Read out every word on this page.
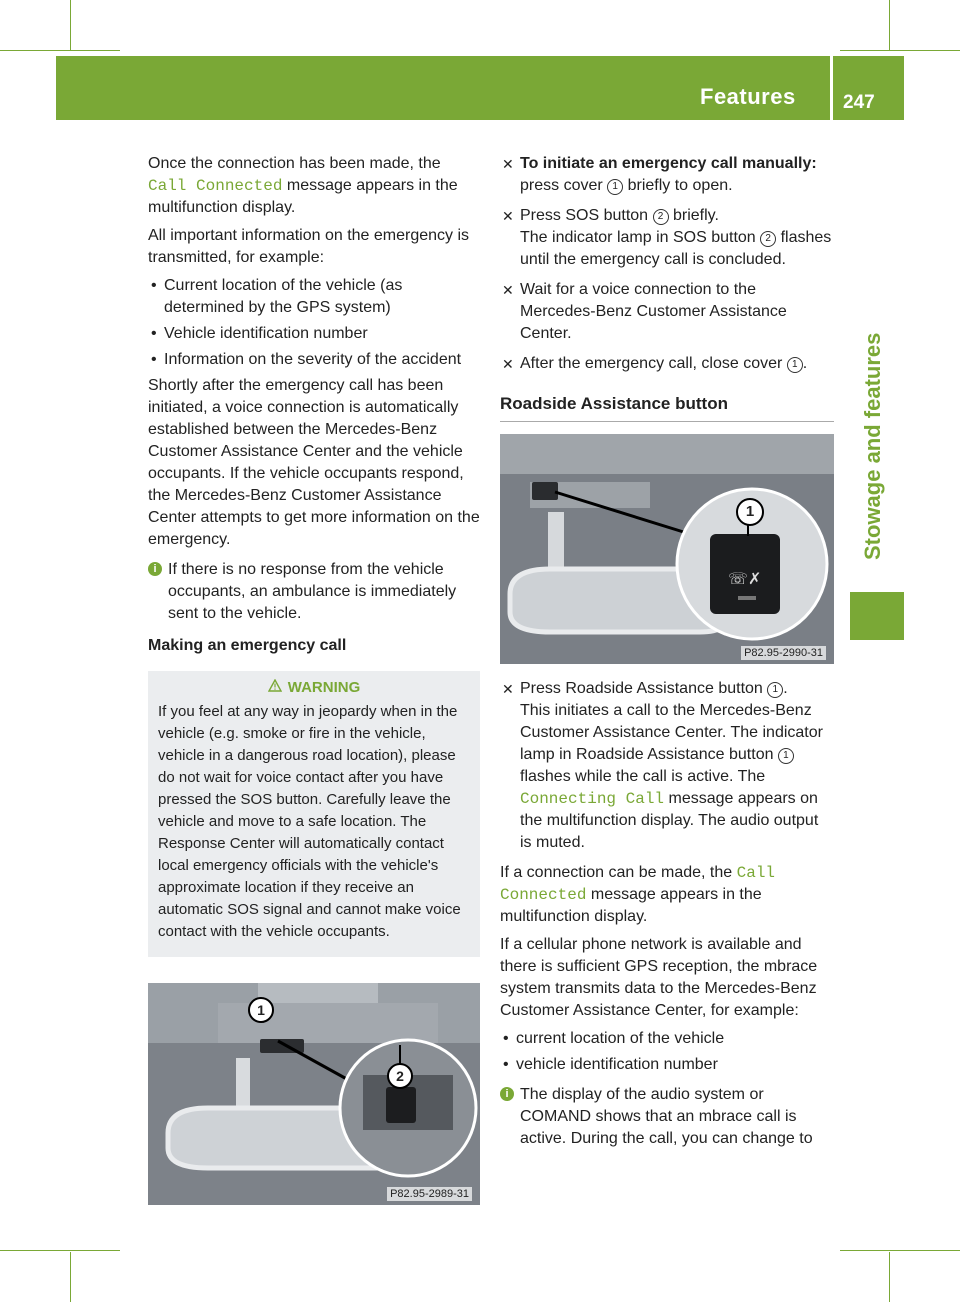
Features 247
Stowage and features

Once the connection has been made, the
Call Connected message appears in the multifunction display.

All important information on the emergency is transmitted, for example:

• Current location of the vehicle (as determined by the GPS system)
• Vehicle identification number
• Information on the severity of the accident

Shortly after the emergency call has been initiated, a voice connection is automatically established between the Mercedes-Benz Customer Assistance Center and the vehicle occupants. If the vehicle occupants respond, the Mercedes-Benz Customer Assistance Center attempts to get more information on the emergency.

i If there is no response from the vehicle occupants, an ambulance is immediately sent to the vehicle.
Making an emergency call
WARNING
If you feel at any way in jeopardy when in the vehicle (e.g. smoke or fire in the vehicle, vehicle in a dangerous road location), please do not wait for voice contact after you have pressed the SOS button. Carefully leave the vehicle and move to a safe location. The Response Center will automatically contact local emergency officials with the vehicle's approximate location if they receive an automatic SOS signal and cannot make voice contact with the vehicle occupants.
1
2
P82.95-2989-31
✕ To initiate an emergency call manually: press cover 1 briefly to open.
✕ Press SOS button 2 briefly.
The indicator lamp in SOS button 2 flashes until the emergency call is concluded.
✕ Wait for a voice connection to the Mercedes-Benz Customer Assistance Center.
✕ After the emergency call, close cover 1 .
Roadside Assistance button
☏✗
1
P82.95-2990-31
✕ Press Roadside Assistance button 1 .
This initiates a call to the Mercedes-Benz Customer Assistance Center. The indicator lamp in Roadside Assistance button 1 flashes while the call is active. The
Connecting Call message appears on the multifunction display. The audio output is muted.

If a connection can be made, the Call Connected message appears in the multifunction display.

If a cellular phone network is available and there is sufficient GPS reception, the mbrace system transmits data to the Mercedes-Benz Customer Assistance Center, for example:

• current location of the vehicle
• vehicle identification number
i The display of the audio system or COMAND shows that an mbrace call is active. During the call, you can change to
